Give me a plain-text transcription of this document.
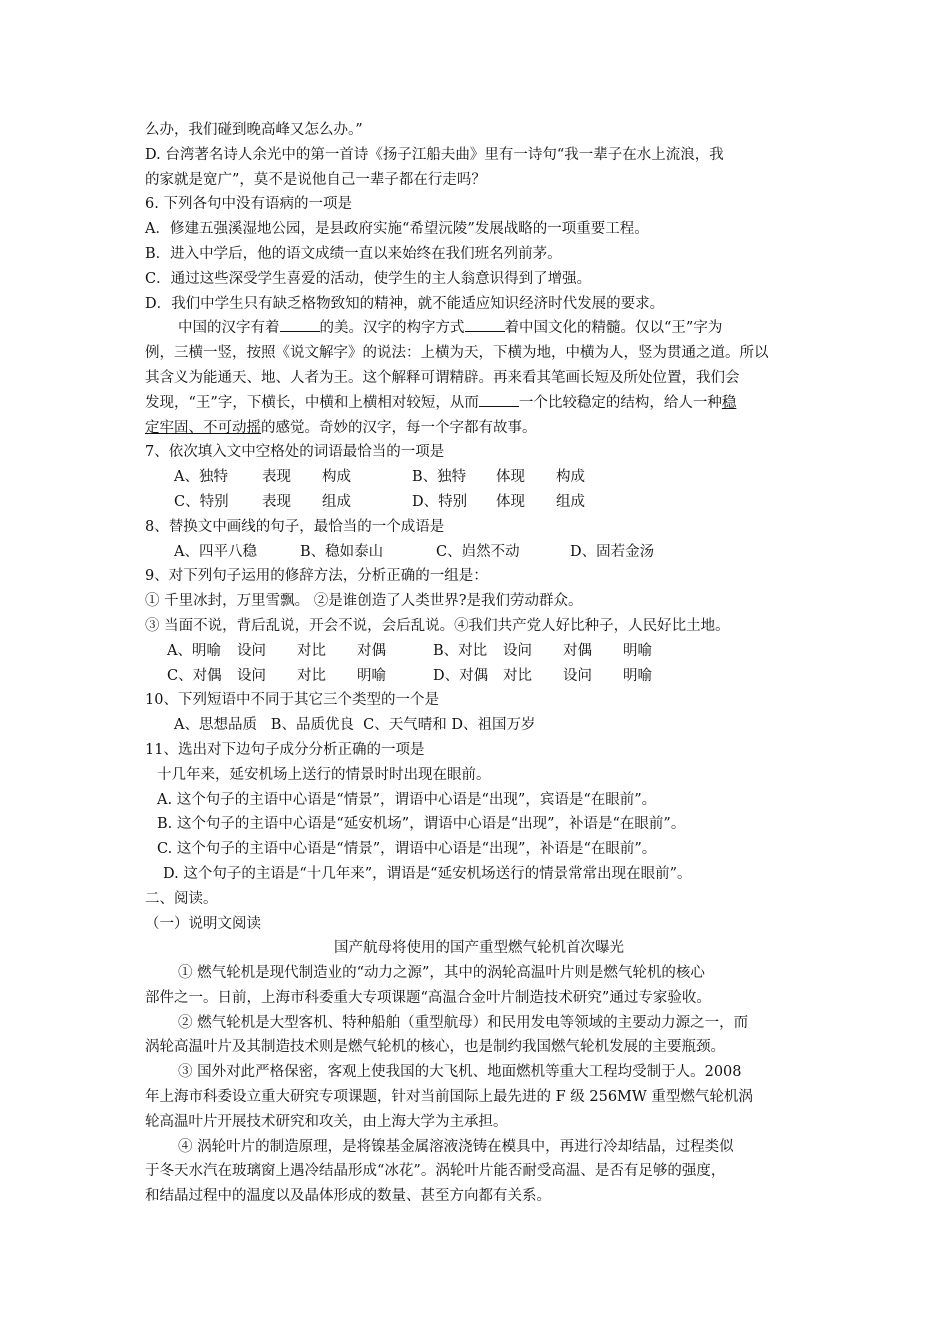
么办，我们碰到晚高峰又怎么办。”
D. 台湾著名诗人余光中的第一首诗《扬子江船夫曲》里有一诗句“我一辈子在水上流浪，我
的家就是宽广”，莫不是说他自己一辈子都在行走吗？
6. 下列各句中没有语病的一项是
A．修建五强溪湿地公园，是县政府实施“希望沅陵”发展战略的一项重要工程。
B．进入中学后，他的语文成绩一直以来始终在我们班名列前茅。
C．通过这些深受学生喜爱的活动，使学生的主人翁意识得到了增强。
D．我们中学生只有缺乏格物致知的精神，就不能适应知识经济时代发展的要求。
中国的汉字有着	的美。汉字的构字方式	着中国文化的精髓。仅以“王”字为
例，三横一竖，按照《说文解字》的说法：上横为天，下横为地，中横为人，竖为贯通之道。所以
其含义为能通天、地、人者为王。这个解释可谓精辟。再来看其笔画长短及所处位置，我们会
发现，“王”字，下横长，中横和上横相对较短，从而	一个比较稳定的结构，给人一种稳
定牢固、不可动摇的感觉。奇妙的汉字，每一个字都有故事。
7、依次填入文中空格处的词语最恰当的一项是
A、独特 表现 构成	B、独特 体现 构成
C、特别 表现 组成	D、特别 体现 组成
8、替换文中画线的句子，最恰当的一个成语是
A、四平八稳	B、稳如泰山	C、岿然不动	D、固若金汤
9、对下列句子运用的修辞方法，分析正确的一组是：
① 千里冰封，万里雪飘。 ②是谁创造了人类世界?是我们劳动群众。
③ 当面不说，背后乱说，开会不说，会后乱说。④我们共产党人好比种子，人民好比土地。
A、明喻 设问 对比 对偶	B、对比 设问 对偶 明喻
C、对偶 设问 对比 明喻	D、对偶 对比 设问 明喻
10、下列短语中不同于其它三个类型的一个是
A、思想品质   B、品质优良  C、天气晴和 D、祖国万岁
11、选出对下边句子成分分析正确的一项是
十几年来，延安机场上送行的情景时时出现在眼前。
A. 这个句子的主语中心语是“情景”，谓语中心语是“出现”，宾语是“在眼前”。
B. 这个句子的主语中心语是“延安机场”，谓语中心语是“出现”，补语是“在眼前”。
C. 这个句子的主语中心语是“情景”，谓语中心语是“出现”，补语是“在眼前”。
D. 这个句子的主语是“十几年来”，谓语是“延安机场送行的情景常常出现在眼前”。
二、阅读。
（一）说明文阅读
国产航母将使用的国产重型燃气轮机首次曝光
① 燃气轮机是现代制造业的“动力之源”，其中的涡轮高温叶片则是燃气轮机的核心
部件之一。日前，上海市科委重大专项课题“高温合金叶片制造技术研究”通过专家验收。
② 燃气轮机是大型客机、特种船舶（重型航母）和民用发电等领域的主要动力源之一，而
涡轮高温叶片及其制造技术则是燃气轮机的核心，也是制约我国燃气轮机发展的主要瓶颈。
③ 国外对此严格保密，客观上使我国的大飞机、地面燃机等重大工程均受制于人。2008
年上海市科委设立重大研究专项课题，针对当前国际上最先进的 F 级 256MW 重型燃气轮机涡
轮高温叶片开展技术研究和攻关，由上海大学为主承担。
④ 涡轮叶片的制造原理，是将镍基金属溶液浇铸在模具中，再进行冷却结晶，过程类似
于冬天水汽在玻璃窗上遇冷结晶形成“冰花”。涡轮叶片能否耐受高温、是否有足够的强度，
和结晶过程中的温度以及晶体形成的数量、甚至方向都有关系。
